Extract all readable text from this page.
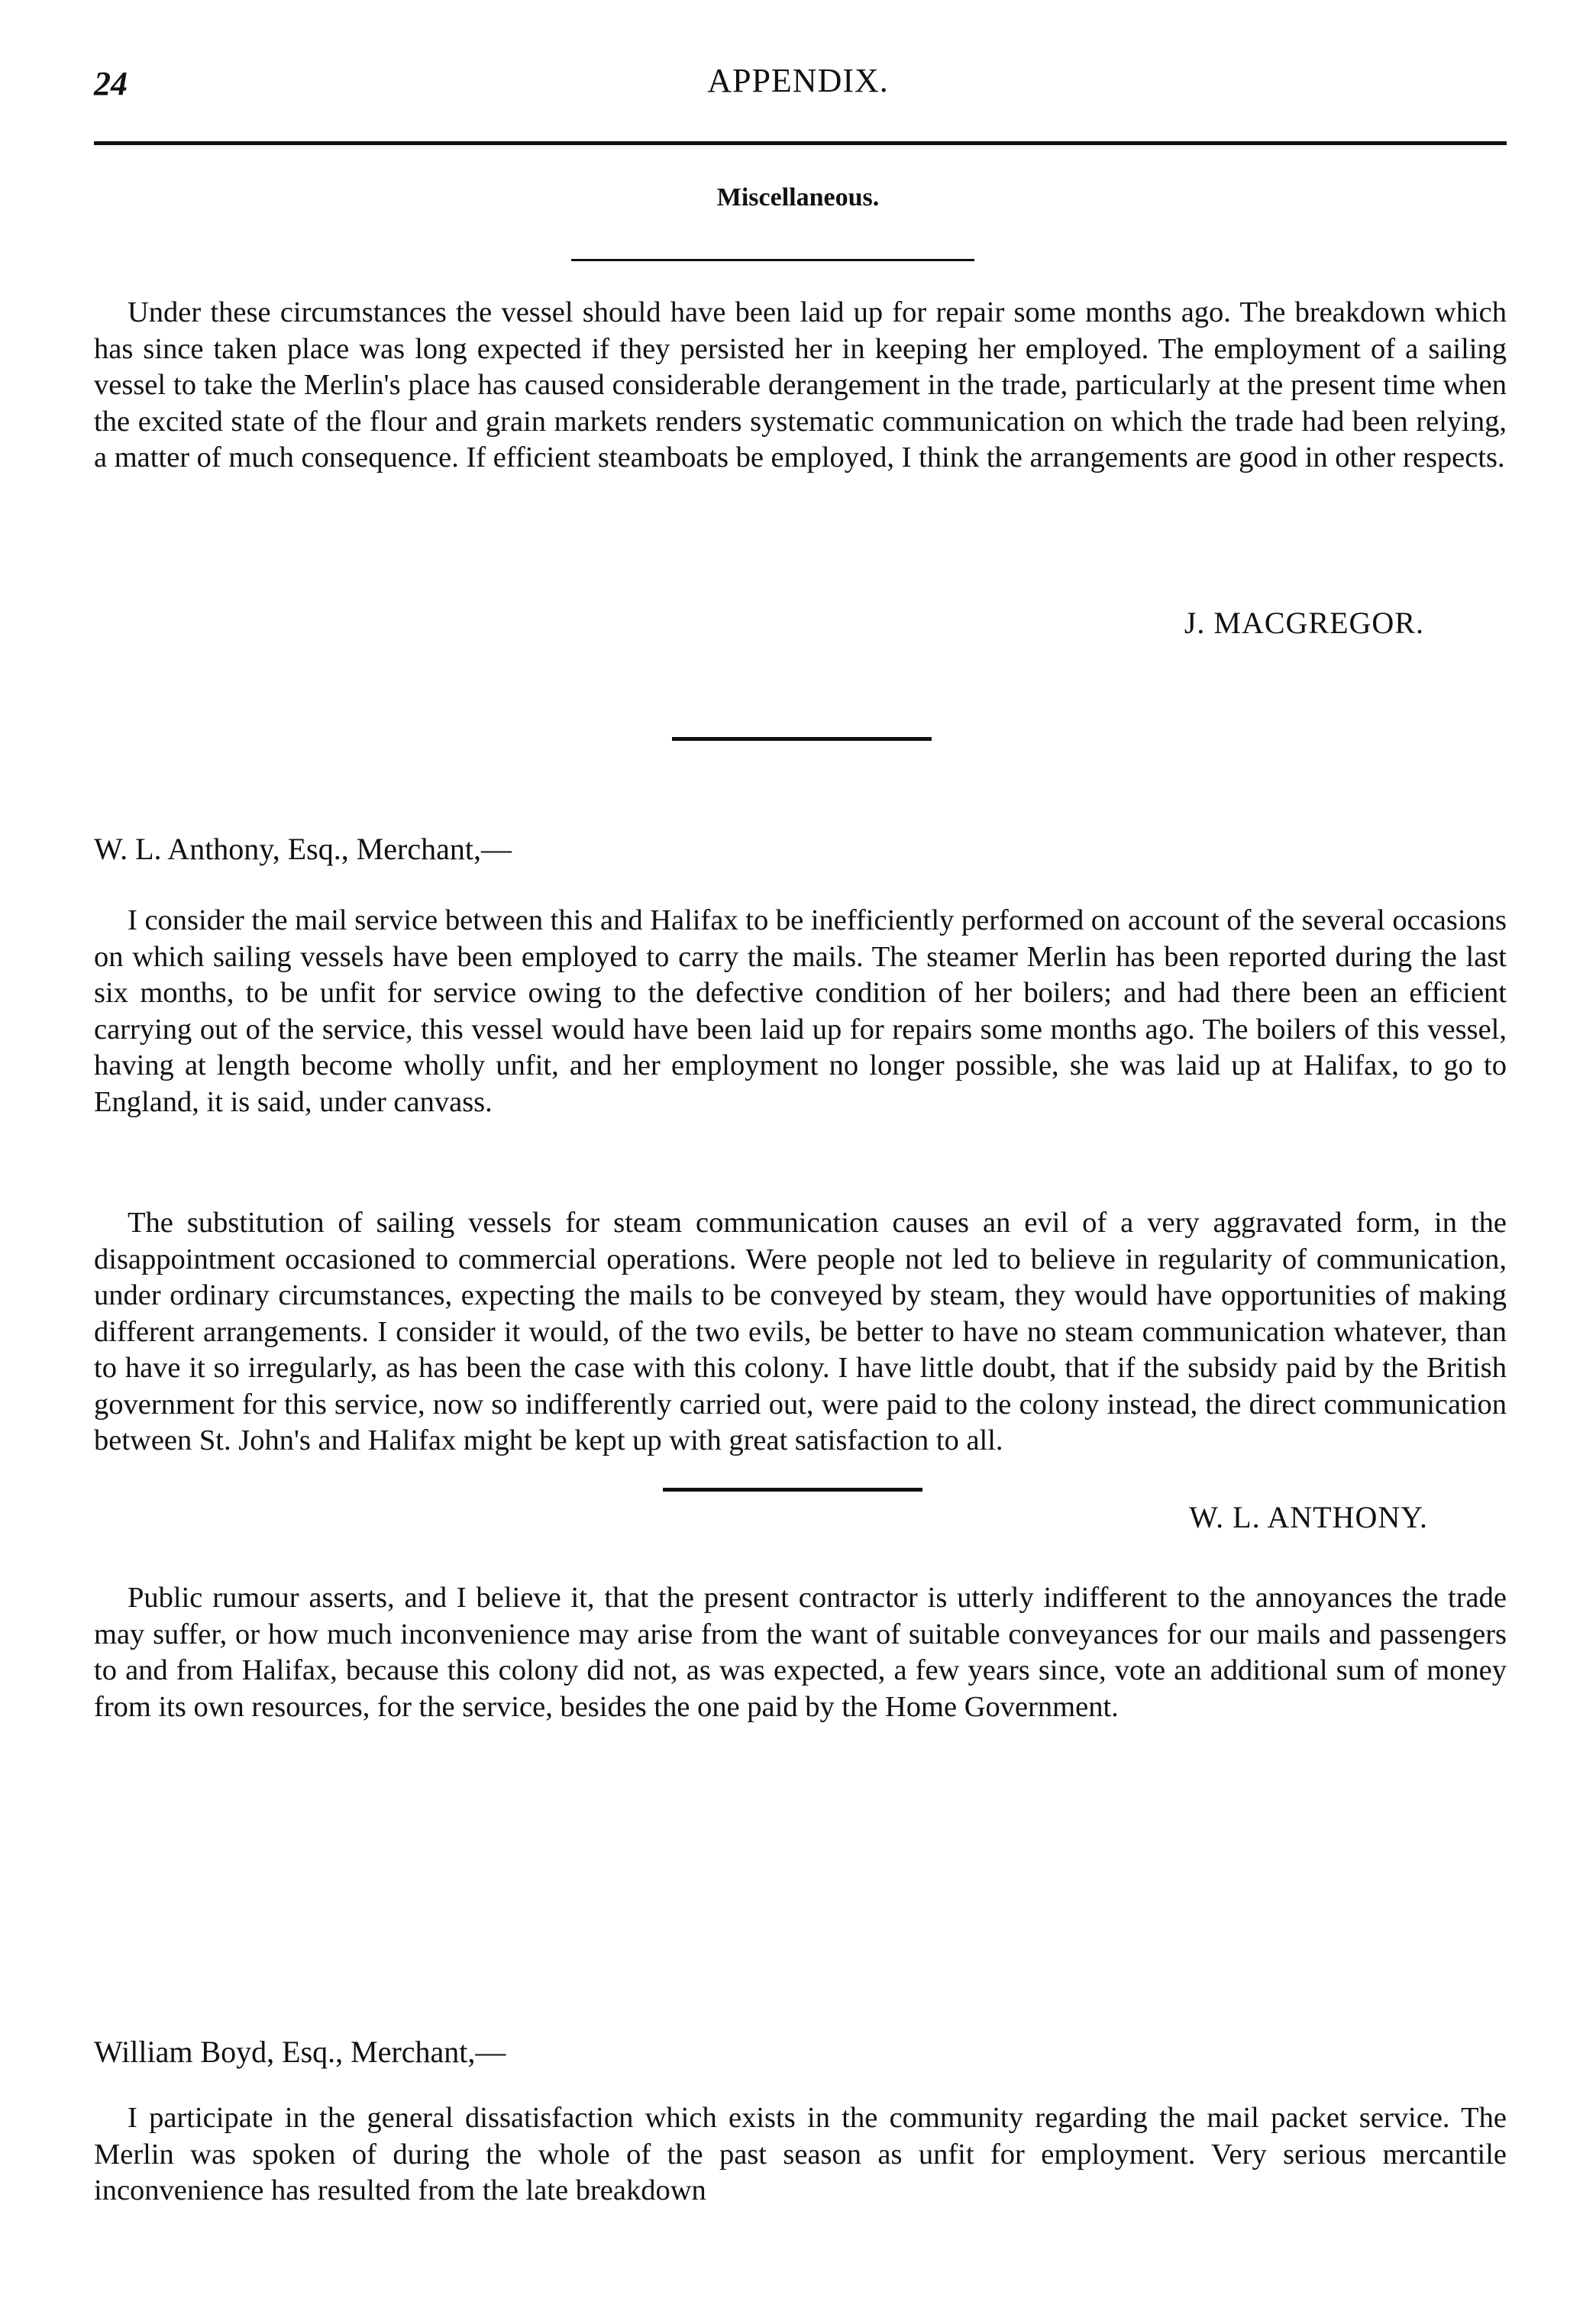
24	APPENDIX.
Miscellaneous.

Under these circumstances the vessel should have been laid up for repair some months ago. The breakdown which has since taken place was long expected if they persisted her in keeping her employed. The employment of a sailing vessel to take the Merlin's place has caused considerable derangement in the trade, particularly at the present time when the excited state of the flour and grain markets renders systematic communication on which the trade had been relying, a matter of much consequence. If efficient steamboats be employed, I think the arrangements are good in other respects.

J. MACGREGOR.
W. L. Anthony, Esq., Merchant,—

I consider the mail service between this and Halifax to be inefficiently performed on account of the several occasions on which sailing vessels have been employed to carry the mails. The steamer Merlin has been reported during the last six months, to be unfit for service owing to the defective condition of her boilers; and had there been an efficient carrying out of the service, this vessel would have been laid up for repairs some months ago. The boilers of this vessel, having at length become wholly unfit, and her employment no longer possible, she was laid up at Halifax, to go to England, it is said, under canvass.

The substitution of sailing vessels for steam communication causes an evil of a very aggravated form, in the disappointment occasioned to commercial operations. Were people not led to believe in regularity of communication, under ordinary circumstances, expecting the mails to be conveyed by steam, they would have opportunities of making different arrangements. I consider it would, of the two evils, be better to have no steam communication whatever, than to have it so irregularly, as has been the case with this colony. I have little doubt, that if the subsidy paid by the British government for this service, now so indifferently carried out, were paid to the colony instead, the direct communication between St. John's and Halifax might be kept up with great satisfaction to all.

Public rumour asserts, and I believe it, that the present contractor is utterly indifferent to the annoyances the trade may suffer, or how much inconvenience may arise from the want of suitable conveyances for our mails and passengers to and from Halifax, because this colony did not, as was expected, a few years since, vote an additional sum of money from its own resources, for the service, besides the one paid by the Home Government.

W. L. ANTHONY.
William Boyd, Esq., Merchant,—

I participate in the general dissatisfaction which exists in the community regarding the mail packet service. The Merlin was spoken of during the whole of the past season as unfit for employment. Very serious mercantile inconvenience has resulted from the late breakdown
